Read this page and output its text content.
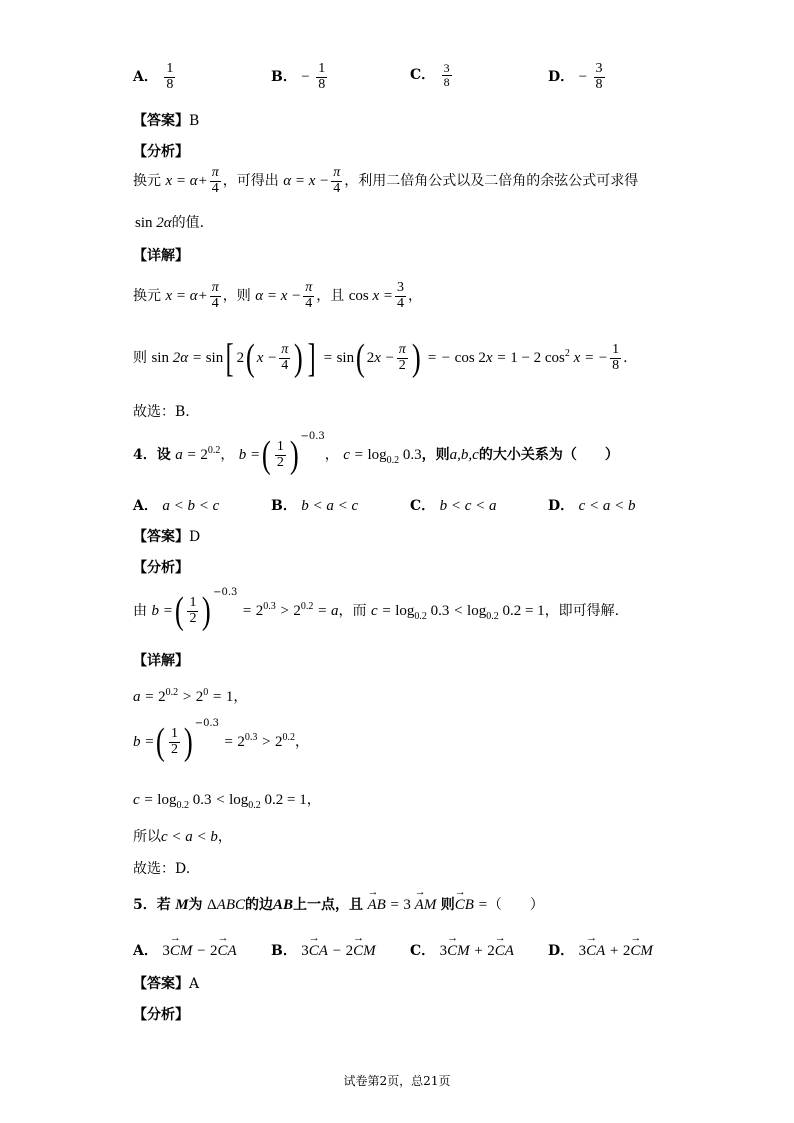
A． $\frac{1}{8}$	B． − $\frac{1}{8}$	C． $\frac{3}{8}$	D． − $\frac{3}{8}$
【答案】B
【分析】
换元 $x = \alpha+ \frac{\pi}{4}$ ，可得出 $\alpha = x - \frac{\pi}{4}$ ，利用二倍角公式以及二倍角的余弦公式可求得
sin 2α的值.
【详解】
换元 $x = \alpha+ \frac{\pi}{4}$ ，则 $\alpha = x - \frac{\pi}{4}$ ，且 $\cos x = \frac{3}{4}$ ，
则 sin 2α = sin[ 2( $x - \frac{\pi}{4}$ ) ] = sin( $2x - \frac{\pi}{2}$ ) = − cos 2x = 1 − 2 $\cos^2 x$ = − $\frac{1}{8}$ .
故选：B.
4．设 $a = 2^{0.2}$， b =( $\frac{1}{2}$ ) $^{-0.3}$， $c = \log_{0.2} 0.3$，则a,b,c的大小关系为（　　）
A． a < b < c	B． b < a < c	C． b < c < a	D． c < a < b
【答案】D
【分析】
由 b =( $\frac{1}{2}$ ) $^{-0.3} = 2^{0.3} > 2^{0.2} = a$，而 $c = \log_{0.2} 0.3 < \log_{0.2} 0.2 = 1$，即可得解.
【详解】
$a = 2^{0.2} > 2^0 = 1$，
b =( $\frac{1}{2}$ ) $^{-0.3} = 2^{0.3} > 2^{0.2}$，
$c = \log_{0.2} 0.3 < \log_{0.2} 0.2 = 1$，
所以c < a < b，
故选：D.
5．若 M为 ΔABC的边AB上一点，且 → AB = 3 → AM 则→ CB =（　　）
A． 3→ CM − 2→ CA B． 3→ CA − 2→ CM C． 3→ CM + 2→ CA D． 3→ CA + 2→ CM
【答案】A
【分析】
试卷第2页，总21页
